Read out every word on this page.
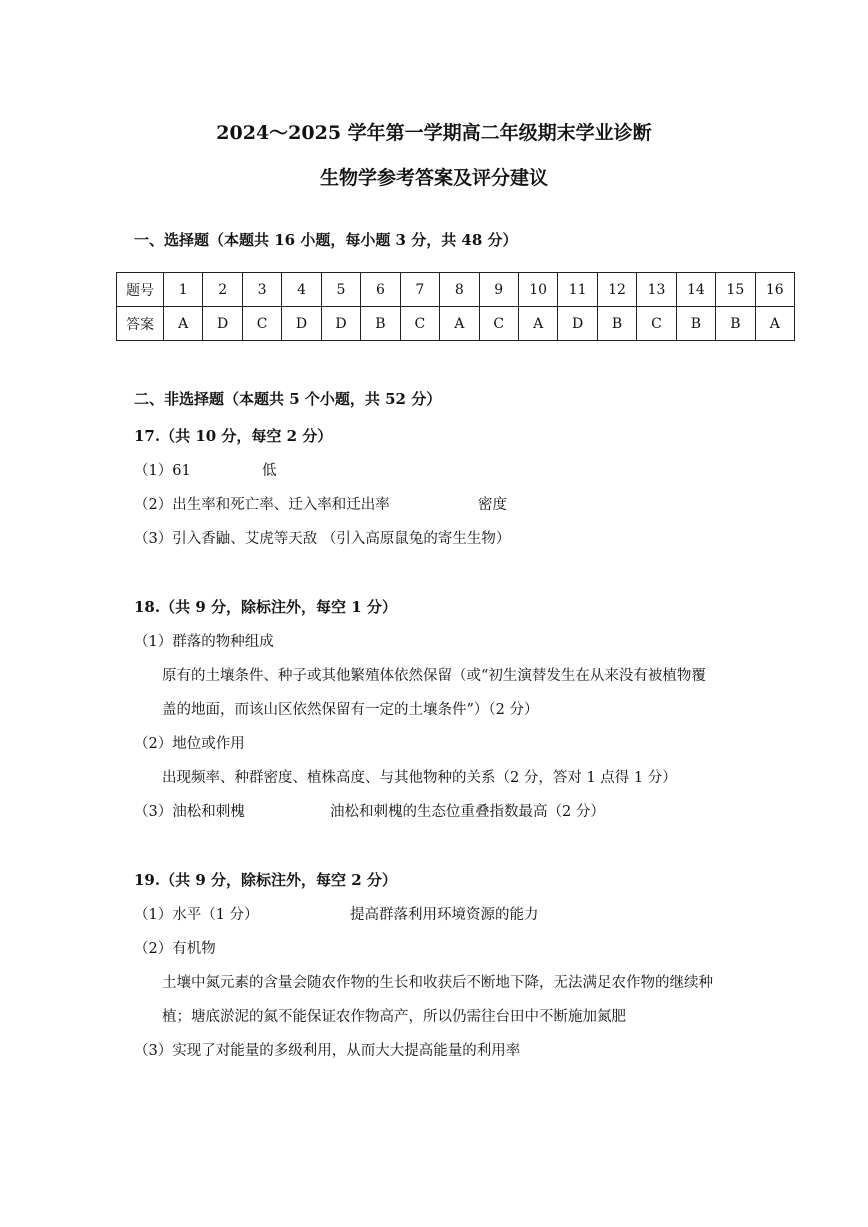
2024～2025 学年第一学期高二年级期末学业诊断
生物学参考答案及评分建议
一、选择题（本题共 16 小题，每小题 3 分，共 48 分）
题号	1	2	3	4	5	6	7	8	9	10	11	12	13	14	15	16
答案	A	D	C	D	D	B	C	A	C	A	D	B	C	B	B	A
二、非选择题（本题共 5 个小题，共 52 分）
17.（共 10 分，每空 2 分）
（1）61	低
（2）出生率和死亡率、迁入率和迁出率	密度
（3）引入香鼬、艾虎等天敌 （引入高原鼠兔的寄生生物）
18.（共 9 分，除标注外，每空 1 分）
（1）群落的物种组成
原有的土壤条件、种子或其他繁殖体依然保留（或“初生演替发生在从来没有被植物覆
盖的地面，而该山区依然保留有一定的土壤条件”）（2 分）
（2）地位或作用
出现频率、种群密度、植株高度、与其他物种的关系（2 分，答对 1 点得 1 分）
（3）油松和刺槐	油松和刺槐的生态位重叠指数最高（2 分）
19.（共 9 分，除标注外，每空 2 分）
（1）水平（1 分）	提高群落利用环境资源的能力
（2）有机物
土壤中氮元素的含量会随农作物的生长和收获后不断地下降，无法满足农作物的继续种
植；塘底淤泥的氮不能保证农作物高产，所以仍需往台田中不断施加氮肥
（3）实现了对能量的多级利用，从而大大提高能量的利用率
